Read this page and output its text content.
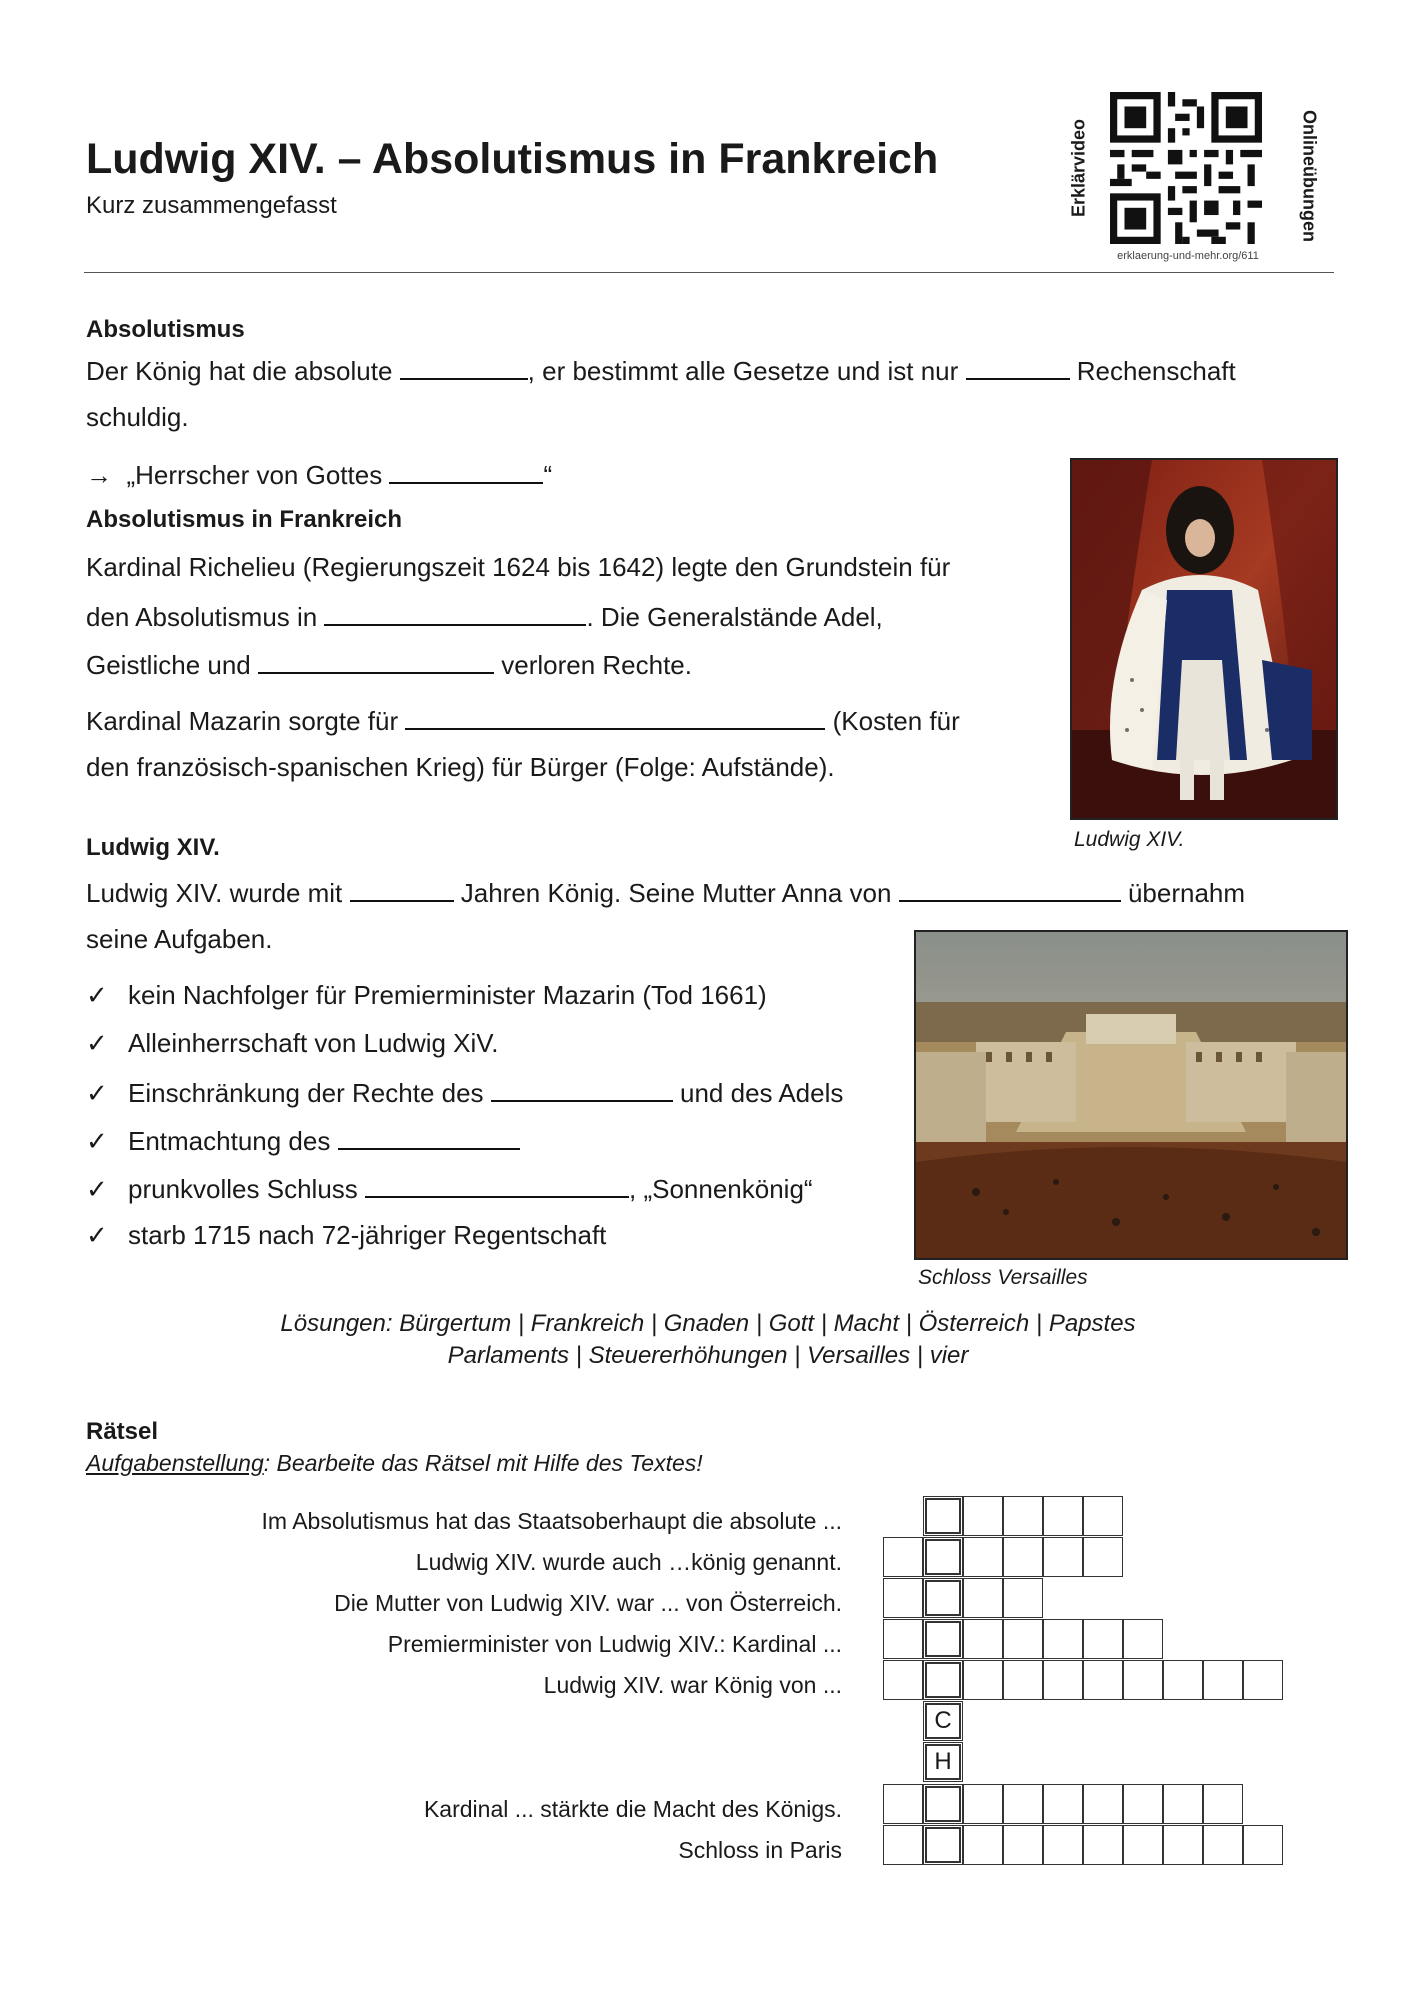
Ludwig XIV. – Absolutismus in Frankreich
Kurz zusammengefasst	Erklärvideo	Onlineübungen
erklaerung-und-mehr.org/611
Absolutismus
Der König hat die absolute	, er bestimmt alle Gesetze und ist nur	Rechenschaft
schuldig.
→ „Herrscher von Gottes	“
Absolutismus in Frankreich
Kardinal Richelieu (Regierungszeit 1624 bis 1642) legte den Grundstein für
den Absolutismus in	. Die Generalstände Adel,
Geistliche und	verloren Rechte.
Kardinal Mazarin sorgte für	(Kosten für
den französisch-spanischen Krieg) für Bürger (Folge: Aufstände).
Ludwig XIV.
Ludwig XIV.
Ludwig XIV. wurde mit	Jahren König. Seine Mutter Anna von	übernahm
seine Aufgaben.
✓ kein Nachfolger für Premierminister Mazarin (Tod 1661)
✓ Alleinherrschaft von Ludwig XiV.
✓ Einschränkung der Rechte des	und des Adels
✓ Entmachtung des
✓ prunkvolles Schluss	, „Sonnenkönig“
✓ starb 1715 nach 72-jähriger Regentschaft
Schloss Versailles
Lösungen: Bürgertum | Frankreich | Gnaden | Gott | Macht | Österreich | Papstes
Parlaments | Steuererhöhungen | Versailles | vier
Rätsel
Aufgabenstellung: Bearbeite das Rätsel mit Hilfe des Textes!
Im Absolutismus hat das Staatsoberhaupt die absolute ...
Ludwig XIV. wurde auch …könig genannt.
Die Mutter von Ludwig XIV. war ... von Österreich.
Premierminister von Ludwig XIV.: Kardinal ...
Ludwig XIV. war König von ...
Kardinal ... stärkte die Macht des Königs.
Schloss in Paris
C
H
